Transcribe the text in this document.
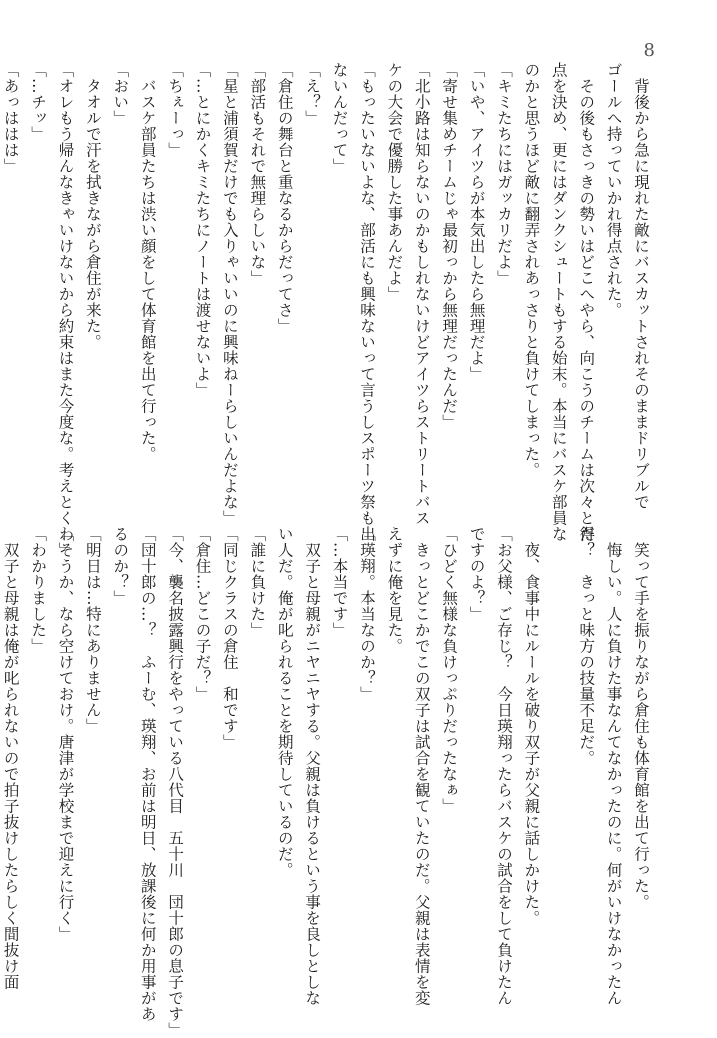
8
　背後から急に現れた敵にバスカットされそのままドリブルで
ゴールへ持っていかれ得点された。
　その後もさっきの勢いはどこへやら、向こうのチームは次々と得
点を決め、更にはダンクシュートもする始末。本当にバスケ部員な
のかと思うほど敵に翻弄されあっさりと負けてしまった。
「キミたちにはガッカリだよ」
「いや、アイツらが本気出したら無理だよ」
「寄せ集めチームじゃ最初っから無理だったんだ」
「北小路は知らないのかもしれないけどアイツらストリートバス
ケの大会で優勝した事あんだよ」
「もったいないよな、部活にも興味ないって言うしスポーツ祭も出
ないんだって」
「え？」
「倉住の舞台と重なるからだってさ」
「部活もそれで無理らしいな」
「星と浦須賀だけでも入りゃいいのに興味ねーらしいんだよな」
「…とにかくキミたちにノートは渡せないよ」
「ちぇーっ」
　バスケ部員たちは渋い顔をして体育館を出て行った。
「おい」
　タオルで汗を拭きながら倉住が来た。
「オレもう帰んなきゃいけないから約束はまた今度な。考えとくわ」
「…チッ」
「あっははは」
　笑って手を振りながら倉住も体育館を出て行った。
　悔しい。人に負けた事なんてなかったのに。何がいけなかったん
だ？　きっと味方の技量不足だ。

　夜、食事中にルールを破り双子が父親に話しかけた。
「お父様、ご存じ？　今日瑛翔ったらバスケの試合をして負けたん
ですのよ？」
「ひどく無様な負けっぷりだったなぁ」
　きっとどこかでこの双子は試合を観ていたのだ。父親は表情を変
えずに俺を見た。
「瑛翔。本当なのか？」
「…本当です」
　双子と母親がニヤニヤする。父親は負けるという事を良しとしな
い人だ。俺が叱られることを期待しているのだ。
「誰に負けた」
「同じクラスの倉住　和です」
「倉住…どこの子だ？」
「今、襲名披露興行をやっている八代目　五十川　団十郎の息子です」
「団十郎の…？　ふーむ、瑛翔、お前は明日、放課後に何か用事があ
るのか？」
「明日は…特にありません」
「そうか、なら空けておけ。唐津が学校まで迎えに行く」
「わかりました」
　双子と母親は俺が叱られないので拍子抜けしたらしく間抜け面
